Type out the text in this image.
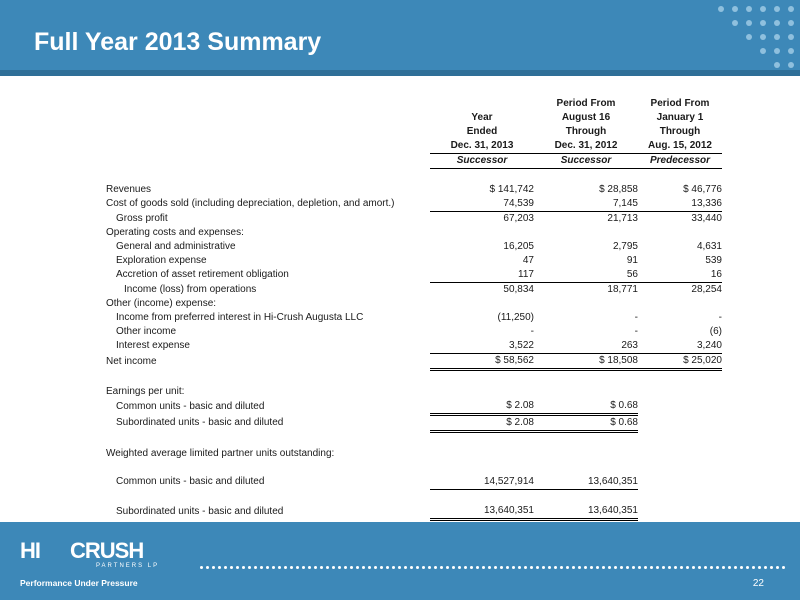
Full Year 2013 Summary
		Period From	Period From
	Year	August 16	January 1
	Ended	Through	Through
	Dec. 31, 2013	Dec. 31, 2012	Aug. 15, 2012
	Successor	Successor	Predecessor

Revenues	$ 141,742	$ 28,858	$ 46,776
Cost of goods sold (including depreciation, depletion, and amort.)	74,539	7,145	13,336
Gross profit	67,203	21,713	33,440
Operating costs and expenses:			
General and administrative	16,205	2,795	4,631
Exploration expense	47	91	539
Accretion of asset retirement obligation	117	56	16
Income (loss) from operations	50,834	18,771	28,254
Other (income) expense:			
Income from preferred interest in Hi-Crush Augusta LLC	(11,250)	-	-
Other income	-	-	(6)
Interest expense	3,522	263	3,240
Net income	$ 58,562	$ 18,508	$ 25,020

Earnings per unit:			
Common units - basic and diluted	$ 2.08	$ 0.68	
Subordinated units - basic and diluted	$ 2.08	$ 0.68	

Weighted average limited partner units outstanding:			

Common units - basic and diluted	14,527,914	13,640,351	

Subordinated units - basic and diluted	13,640,351	13,640,351	
HI CRUSH
PARTNERS LP
Performance Under Pressure	22
